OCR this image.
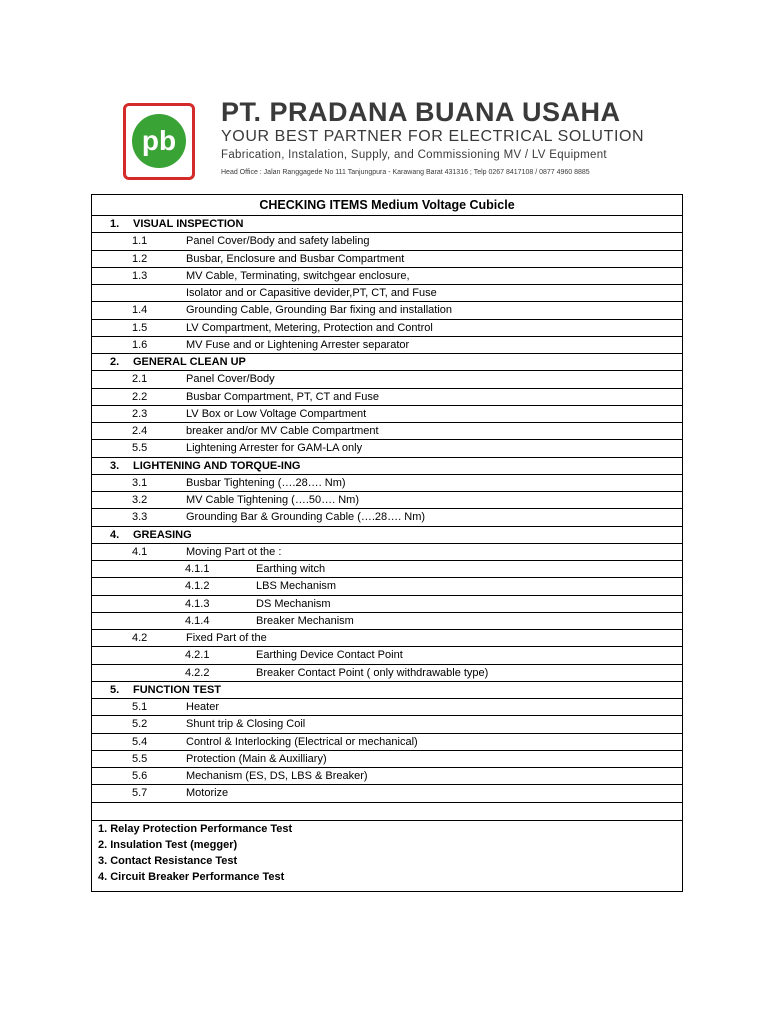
pb
PT. PRADANA BUANA USAHA
YOUR BEST PARTNER FOR ELECTRICAL SOLUTION
Fabrication, Instalation, Supply, and Commissioning MV / LV Equipment
Head Office : Jalan Ranggagede No 111 Tanjungpura - Karawang Barat 431316 ; Telp 0267 8417108 / 0877 4960 8885
CHECKING ITEMS Medium Voltage Cubicle
1. VISUAL INSPECTION
1.1	Panel Cover/Body and safety labeling
1.2	Busbar, Enclosure and Busbar Compartment
1.3	MV Cable, Terminating, switchgear enclosure,
Isolator and or Capasitive devider,PT, CT, and Fuse
1.4	Grounding Cable, Grounding Bar fixing and installation
1.5	LV Compartment, Metering, Protection and Control
1.6	MV Fuse and or Lightening Arrester separator
2. GENERAL CLEAN UP
2.1	Panel Cover/Body
2.2	Busbar Compartment, PT, CT and Fuse
2.3	LV Box or Low Voltage Compartment
2.4	breaker and/or MV Cable Compartment
5.5	Lightening Arrester for GAM-LA only
3. LIGHTENING AND TORQUE-ING
3.1	Busbar Tightening (….28…. Nm)
3.2	MV Cable Tightening (….50…. Nm)
3.3	Grounding Bar & Grounding Cable (….28…. Nm)
4. GREASING
4.1	Moving Part ot the :
4.1.1	Earthing witch
4.1.2	LBS Mechanism
4.1.3	DS Mechanism
4.1.4	Breaker Mechanism
4.2	Fixed Part of the
4.2.1	Earthing Device Contact Point
4.2.2	Breaker Contact Point ( only withdrawable type)
5. FUNCTION TEST
5.1	Heater
5.2	Shunt trip & Closing Coil
5.4	Control & Interlocking (Electrical or mechanical)
5.5	Protection (Main & Auxilliary)
5.6	Mechanism (ES, DS, LBS & Breaker)
5.7	Motorize
1. Relay Protection Performance Test
2. Insulation Test (megger)
3. Contact Resistance Test
4. Circuit Breaker Performance Test
